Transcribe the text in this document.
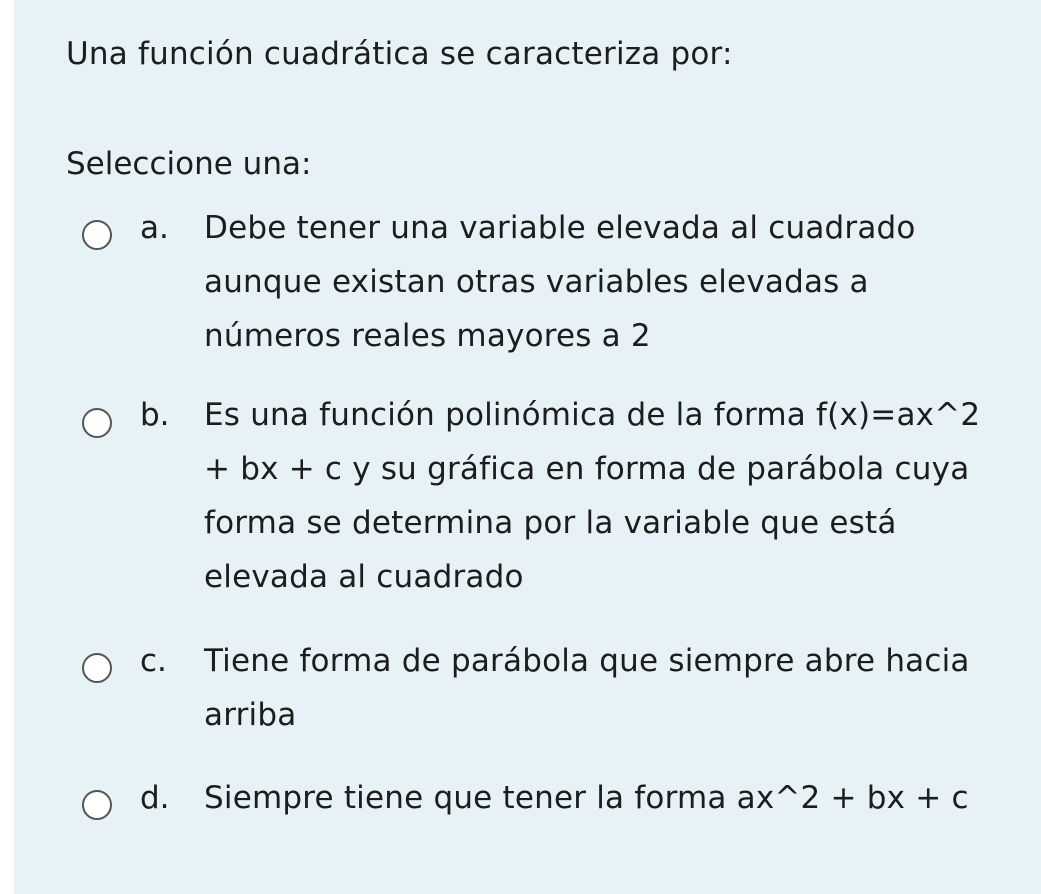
Una función cuadrática se caracteriza por:
Seleccione una:
a. Debe tener una variable elevada al cuadrado aunque existan otras variables elevadas a números reales mayores a 2
b. Es una función polinómica de la forma f(x)=ax^2 + bx + c y su gráfica en forma de parábola cuya forma se determina por la variable que está elevada al cuadrado
c. Tiene forma de parábola que siempre abre hacia arriba
d. Siempre tiene que tener la forma ax^2 + bx + c
